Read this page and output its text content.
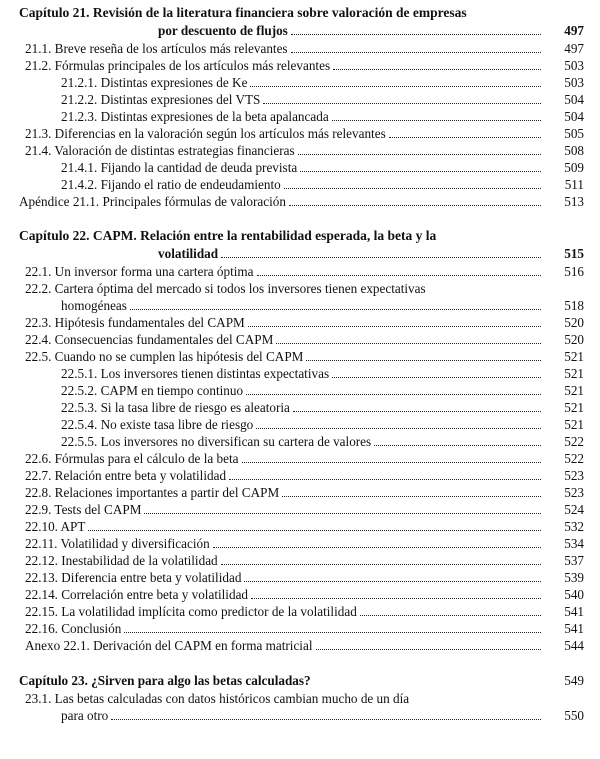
Capítulo 21. Revisión de la literatura financiera sobre valoración de empresas
por descuento de flujos	497
21.1. Breve reseña de los artículos más relevantes	497
21.2. Fórmulas principales de los artículos más relevantes	503
21.2.1. Distintas expresiones de Ke	503
21.2.2. Distintas expresiones del VTS	504
21.2.3. Distintas expresiones de la beta apalancada	504
21.3. Diferencias en la valoración según los artículos más relevantes	505
21.4. Valoración de distintas estrategias financieras	508
21.4.1. Fijando la cantidad de deuda prevista	509
21.4.2. Fijando el ratio de endeudamiento	511
Apéndice 21.1. Principales fórmulas de valoración	513
Capítulo 22. CAPM. Relación entre la rentabilidad esperada, la beta y la
volatilidad	515
22.1. Un inversor forma una cartera óptima	516
22.2. Cartera óptima del mercado si todos los inversores tienen expectativas
homogéneas	518
22.3. Hipótesis fundamentales del CAPM	520
22.4. Consecuencias fundamentales del CAPM	520
22.5. Cuando no se cumplen las hipótesis del CAPM	521
22.5.1. Los inversores tienen distintas expectativas	521
22.5.2. CAPM en tiempo continuo	521
22.5.3. Si la tasa libre de riesgo es aleatoria	521
22.5.4. No existe tasa libre de riesgo	521
22.5.5. Los inversores no diversifican su cartera de valores	522
22.6. Fórmulas para el cálculo de la beta	522
22.7. Relación entre beta y volatilidad	523
22.8. Relaciones importantes a partir del CAPM	523
22.9. Tests del CAPM	524
22.10. APT	532
22.11. Volatilidad y diversificación	534
22.12. Inestabilidad de la volatilidad	537
22.13. Diferencia entre beta y volatilidad	539
22.14. Correlación entre beta y volatilidad	540
22.15. La volatilidad implícita como predictor de la volatilidad	541
22.16. Conclusión	541
Anexo 22.1. Derivación del CAPM en forma matricial	544
Capítulo 23. ¿Sirven para algo las betas calculadas?	549
23.1. Las betas calculadas con datos históricos cambian mucho de un día
para otro	550
